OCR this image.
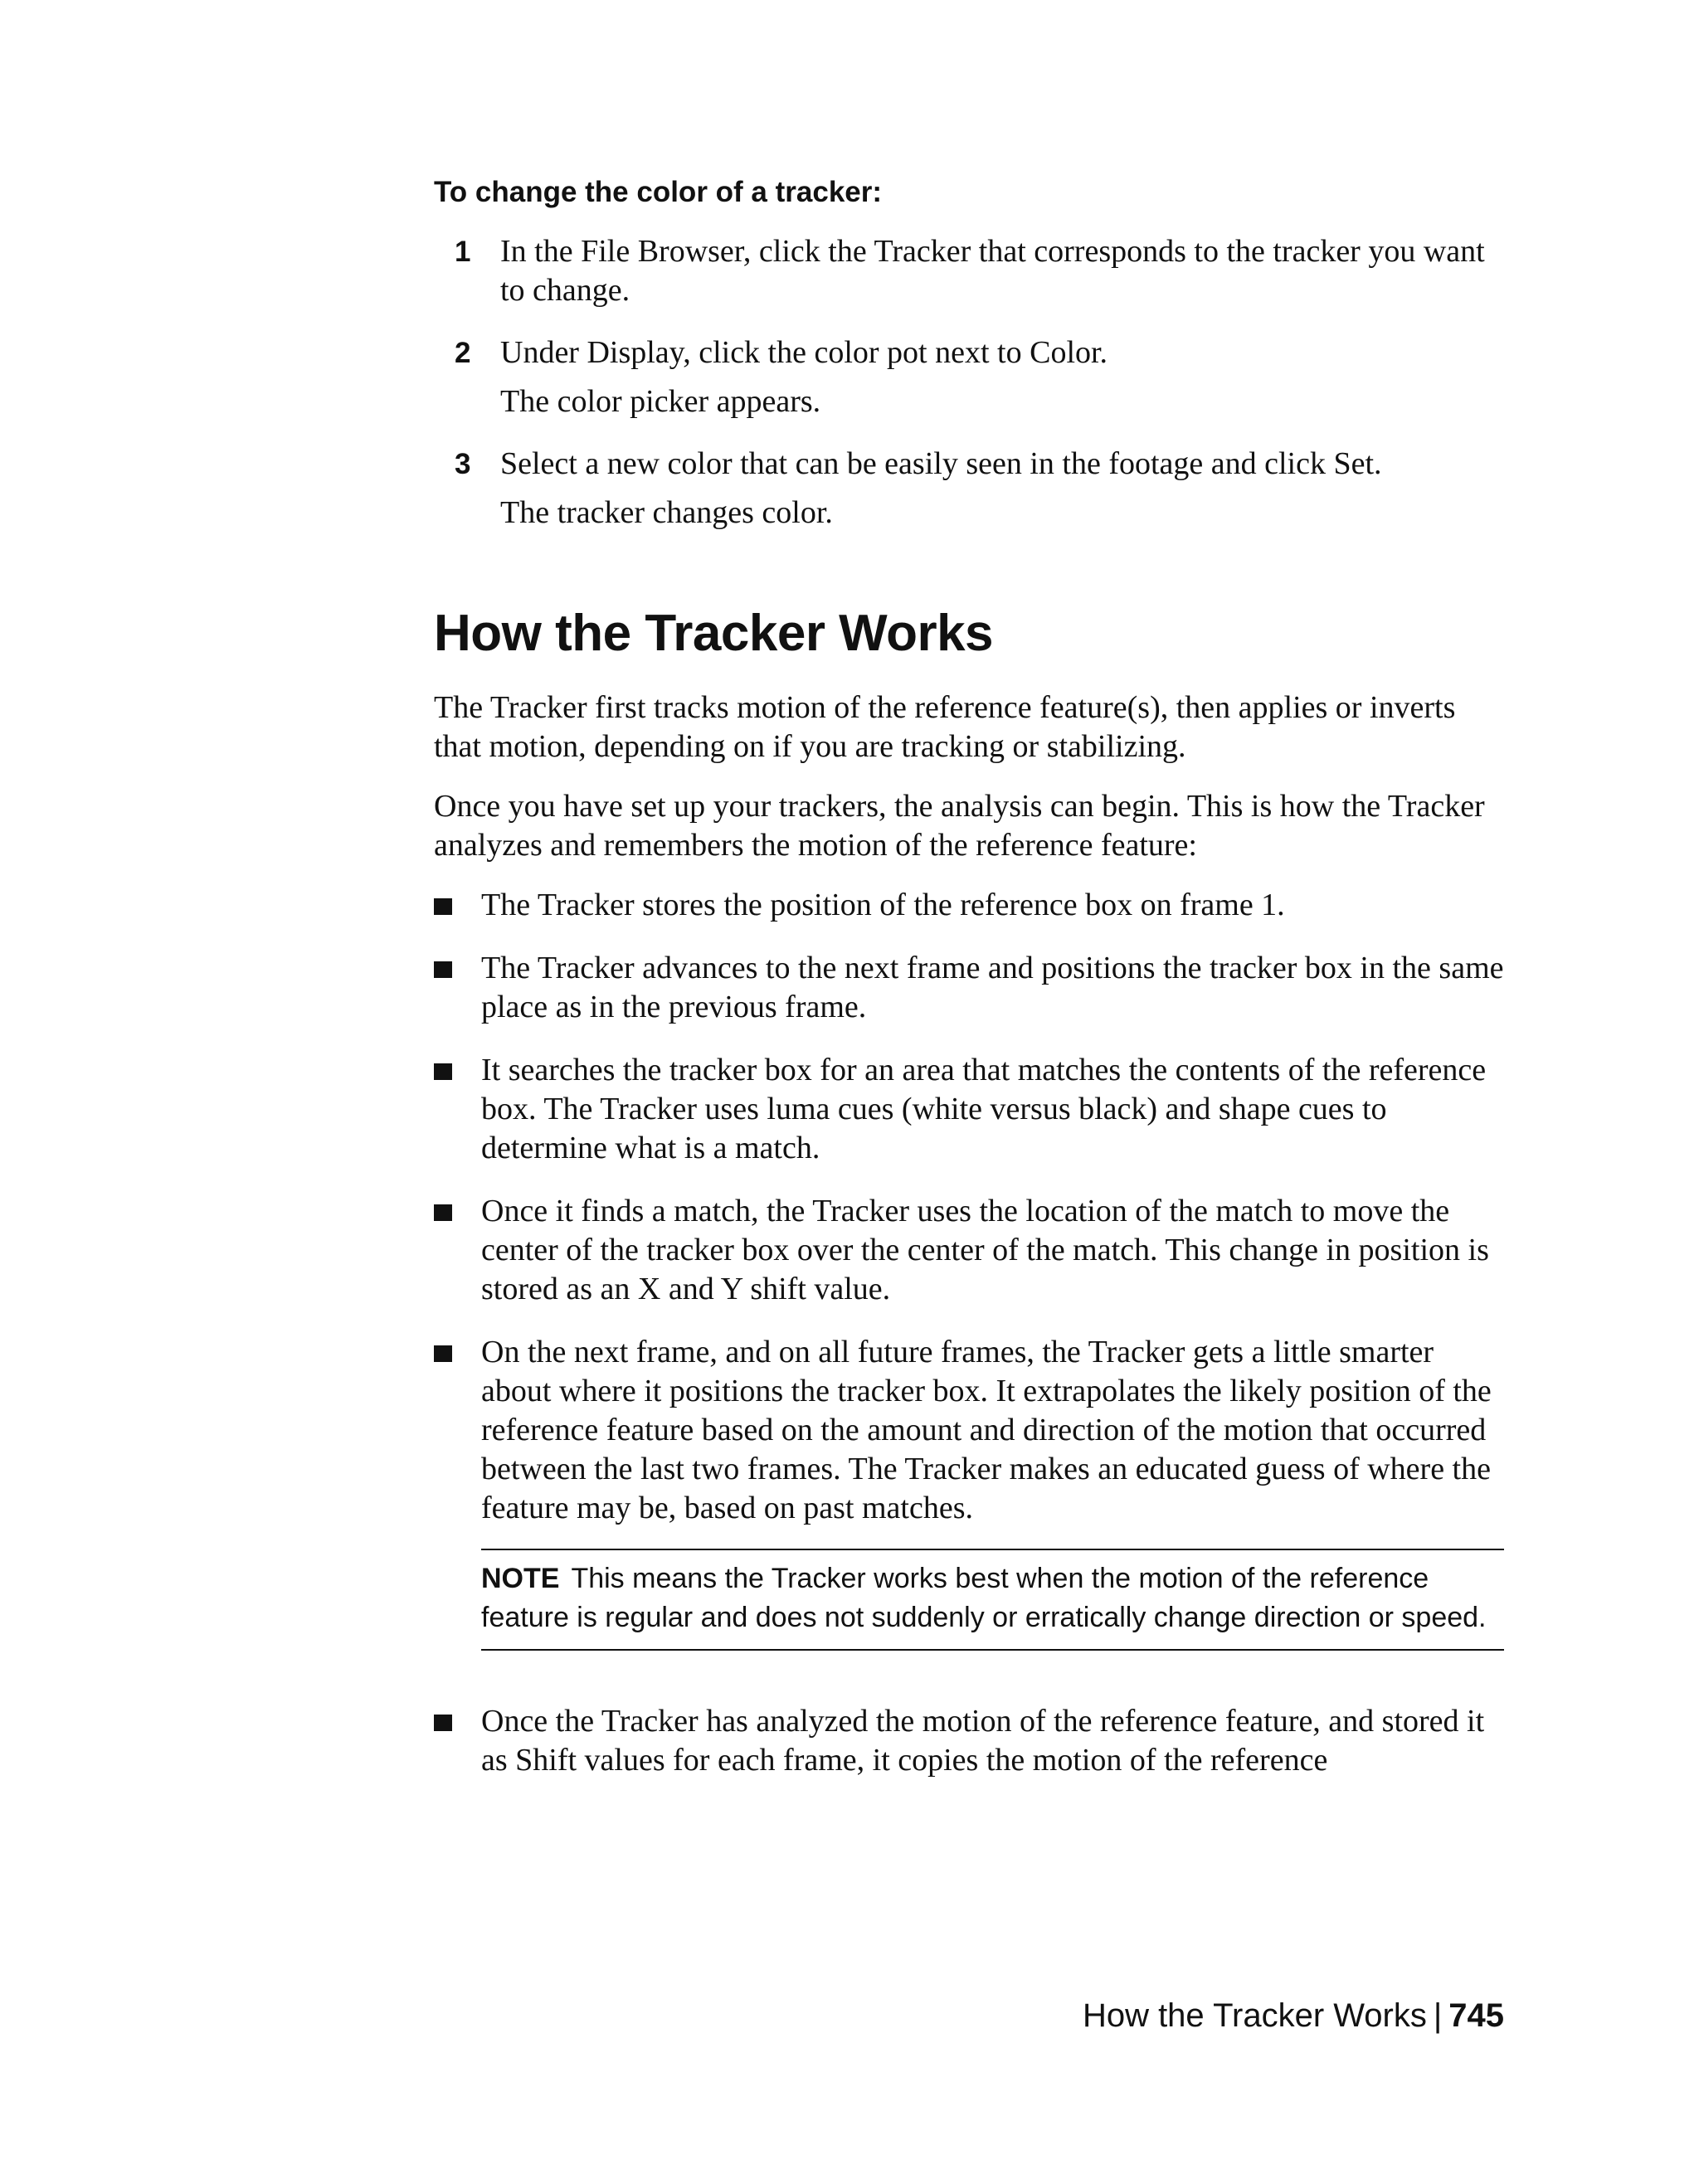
To change the color of a tracker:
1 In the File Browser, click the Tracker that corresponds to the tracker you want to change.
2 Under Display, click the color pot next to Color.
The color picker appears.
3 Select a new color that can be easily seen in the footage and click Set.
The tracker changes color.
How the Tracker Works

The Tracker first tracks motion of the reference feature(s), then applies or inverts that motion, depending on if you are tracking or stabilizing.

Once you have set up your trackers, the analysis can begin. This is how the Tracker analyzes and remembers the motion of the reference feature:

The Tracker stores the position of the reference box on frame 1.
The Tracker advances to the next frame and positions the tracker box in the same place as in the previous frame.
It searches the tracker box for an area that matches the contents of the reference box. The Tracker uses luma cues (white versus black) and shape cues to determine what is a match.
Once it finds a match, the Tracker uses the location of the match to move the center of the tracker box over the center of the match. This change in position is stored as an X and Y shift value.
On the next frame, and on all future frames, the Tracker gets a little smarter about where it positions the tracker box. It extrapolates the likely position of the reference feature based on the amount and direction of the motion that occurred between the last two frames. The Tracker makes an educated guess of where the feature may be, based on past matches.
NOTE This means the Tracker works best when the motion of the reference feature is regular and does not suddenly or erratically change direction or speed.
Once the Tracker has analyzed the motion of the reference feature, and stored it as Shift values for each frame, it copies the motion of the reference
How the Tracker Works | 745
